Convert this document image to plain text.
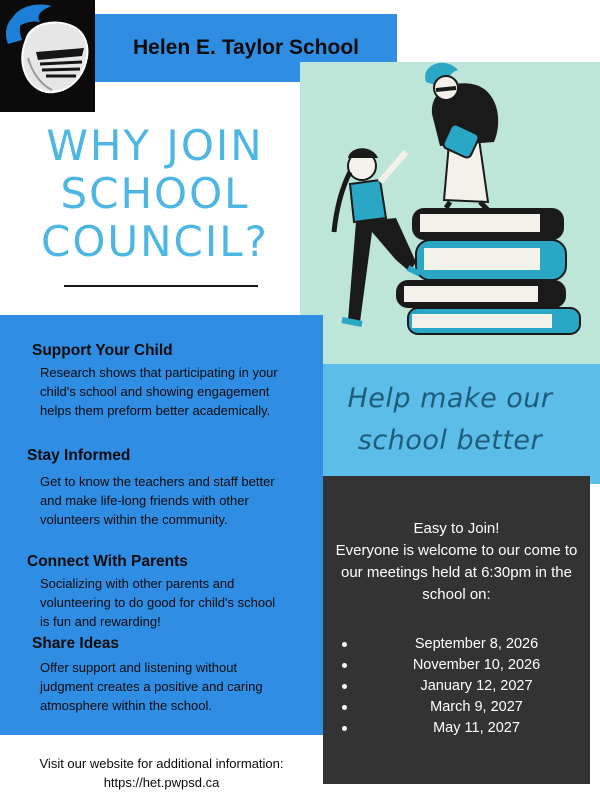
Helen E. Taylor School
Help make our
school better
WHY JOIN
SCHOOL
COUNCIL?
Support Your Child
Research shows that participating in your child's school and showing engagement helps them preform better academically.
Stay Informed
Get to know the teachers and staff better and make life-long friends with other volunteers within the community.
Connect With Parents
Socializing with other parents and volunteering to do good for child's school is fun and rewarding!
Share Ideas
Offer support and listening without judgment creates a positive and caring atmosphere within the school.
Easy to Join!
Everyone is welcome to our come to our meetings held at 6:30pm in the school on:
September 8, 2026
November 10, 2026
January 12, 2027
March 9, 2027
May 11, 2027
Visit our website for additional information:
https://het.pwpsd.ca
